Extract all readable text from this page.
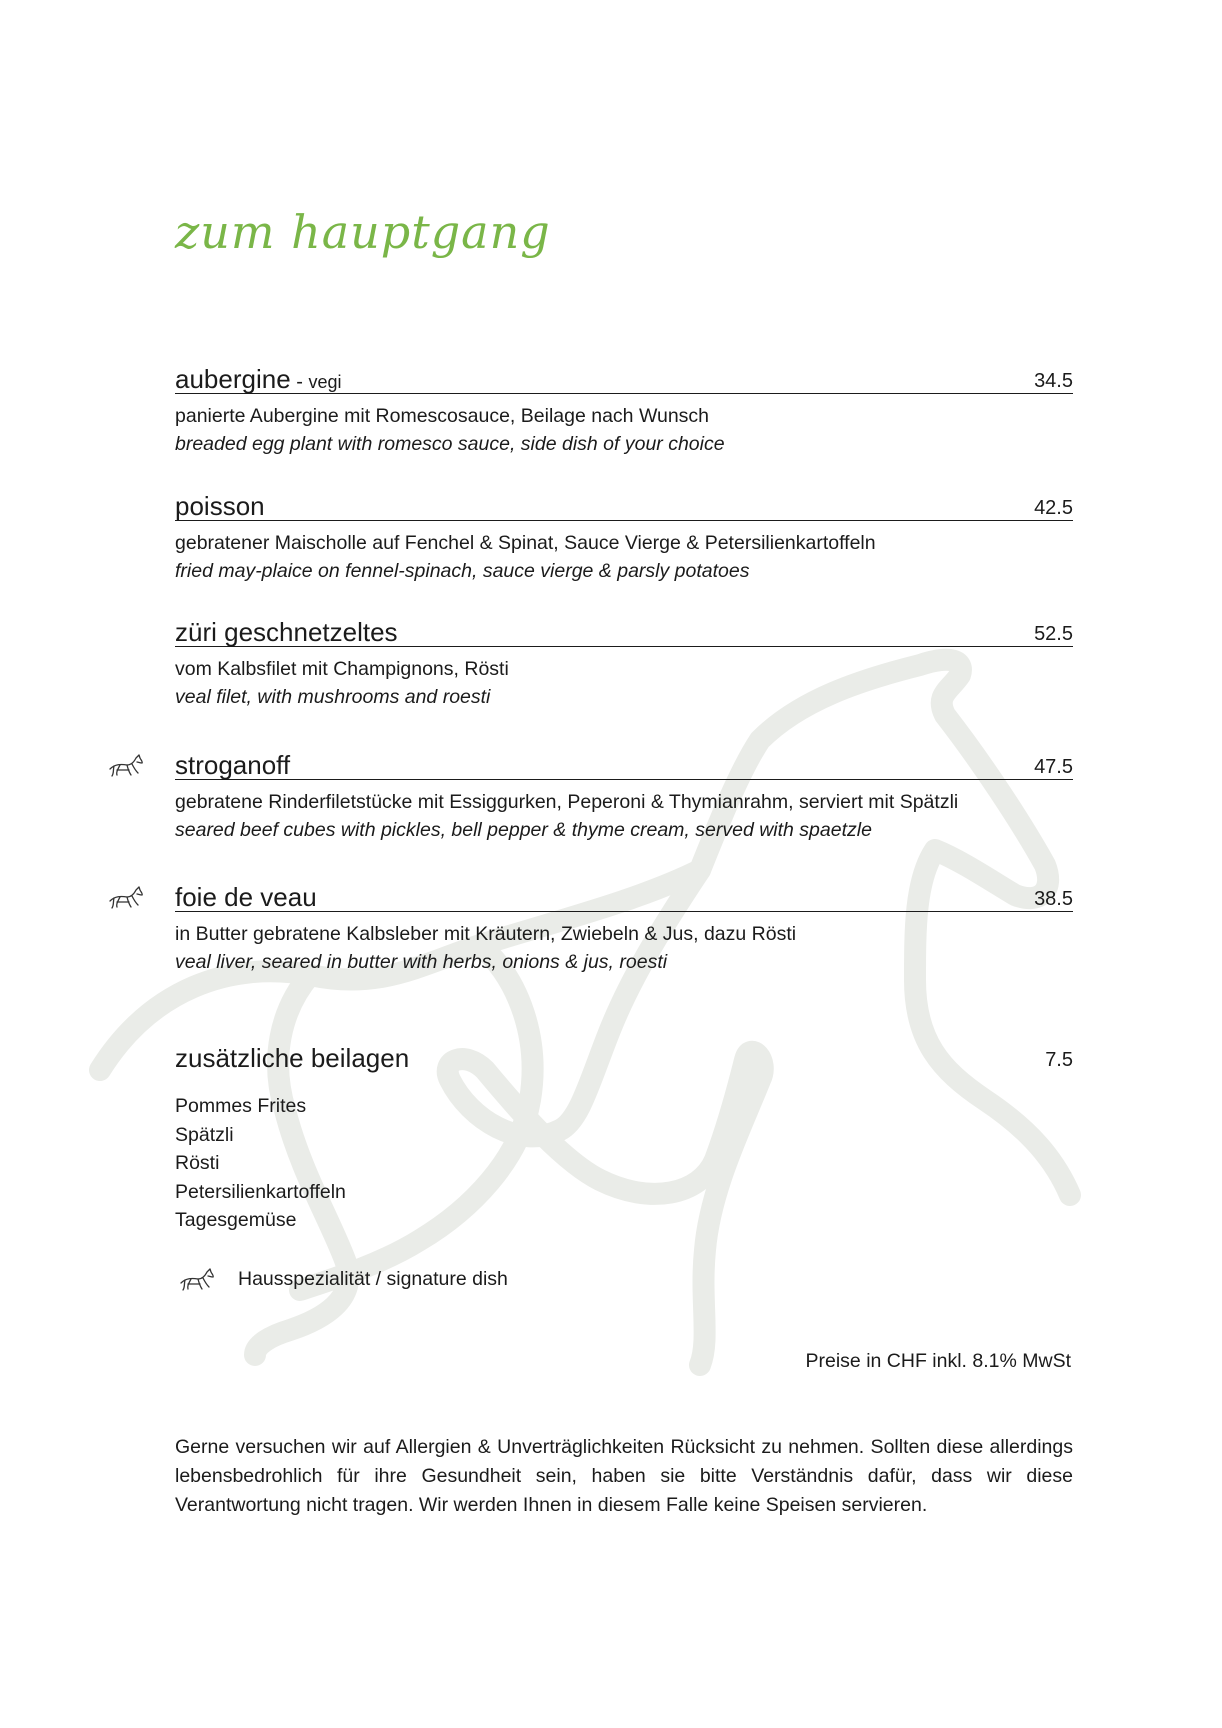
zum hauptgang
aubergine - vegi	34.5
panierte Aubergine mit Romescosauce, Beilage nach Wunsch
breaded egg plant with romesco sauce, side dish of your choice
poisson	42.5
gebratener Maischolle auf Fenchel & Spinat, Sauce Vierge & Petersilienkartoffeln
fried may-plaice on fennel-spinach, sauce vierge & parsly potatoes
züri geschnetzeltes	52.5
vom Kalbsfilet mit Champignons, Rösti
veal filet, with mushrooms and roesti
stroganoff	47.5
gebratene Rinderfiletstücke mit Essiggurken, Peperoni & Thymianrahm, serviert mit Spätzli
seared beef cubes with pickles, bell pepper & thyme cream, served with spaetzle
foie de veau	38.5
in Butter gebratene Kalbsleber mit Kräutern, Zwiebeln & Jus, dazu Rösti
veal liver, seared in butter with herbs, onions & jus, roesti
zusätzliche beilagen	7.5
Pommes Frites
Spätzli
Rösti
Petersilienkartoffeln
Tagesgemüse
Hausspezialität / signature dish
Preise in CHF inkl. 8.1% MwSt

Gerne versuchen wir auf Allergien & Unverträglichkeiten Rücksicht zu nehmen. Sollten diese allerdings lebensbedrohlich für ihre Gesundheit sein, haben sie bitte Verständnis dafür, dass wir diese Verantwortung nicht tragen. Wir werden Ihnen in diesem Falle keine Speisen servieren.
